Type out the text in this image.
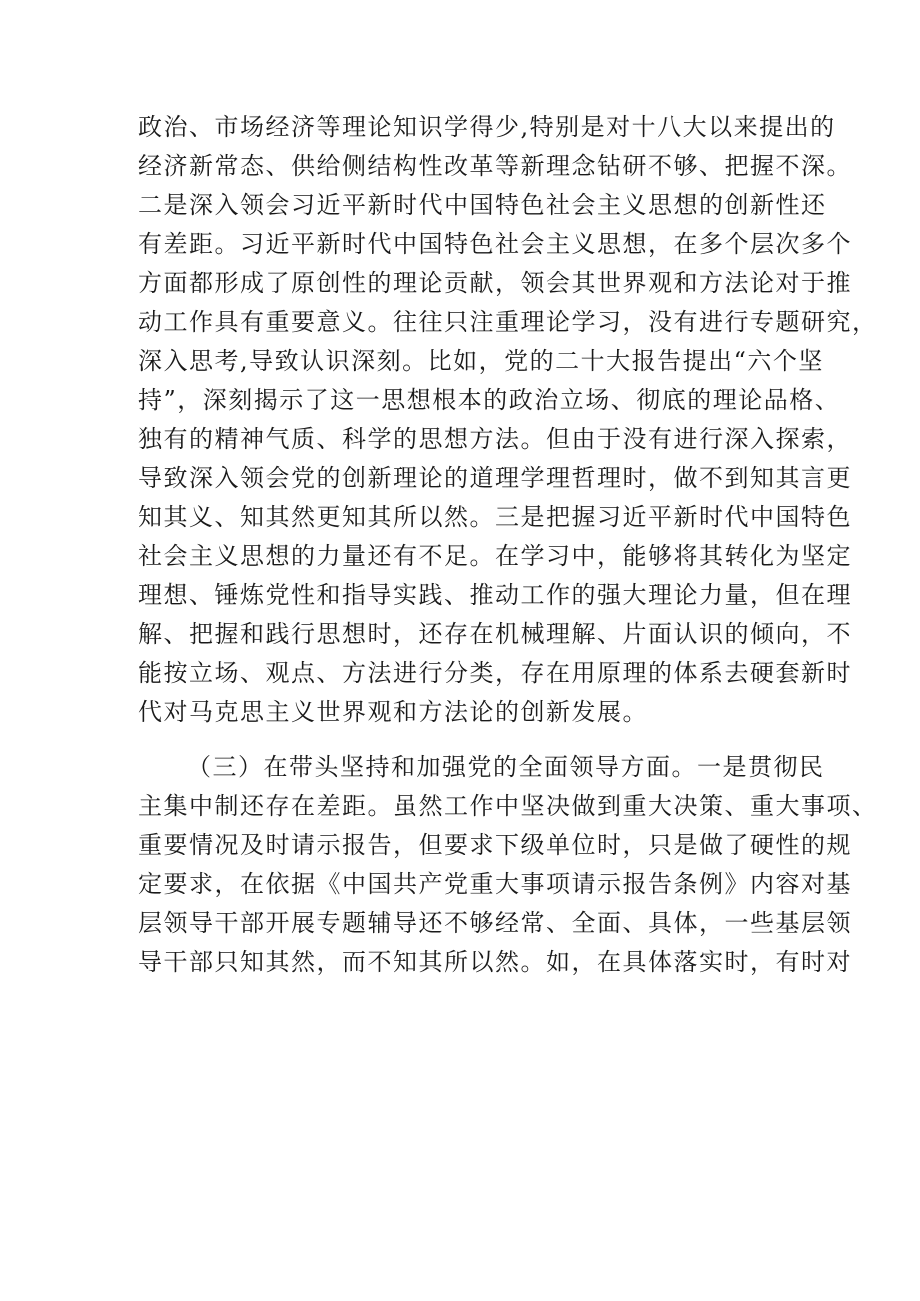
政治、市场经济等理论知识学得少,特别是对十八大以来提出的
经济新常态、供给侧结构性改革等新理念钻研不够、把握不深。
二是深入领会习近平新时代中国特色社会主义思想的创新性还
有差距。习近平新时代中国特色社会主义思想，在多个层次多个
方面都形成了原创性的理论贡献，领会其世界观和方法论对于推
动工作具有重要意义。往往只注重理论学习，没有进行专题研究，
深入思考,导致认识深刻。比如，党的二十大报告提出“六个坚
持”，深刻揭示了这一思想根本的政治立场、彻底的理论品格、
独有的精神气质、科学的思想方法。但由于没有进行深入探索，
导致深入领会党的创新理论的道理学理哲理时，做不到知其言更
知其义、知其然更知其所以然。三是把握习近平新时代中国特色
社会主义思想的力量还有不足。在学习中，能够将其转化为坚定
理想、锤炼党性和指导实践、推动工作的强大理论力量，但在理
解、把握和践行思想时，还存在机械理解、片面认识的倾向，不
能按立场、观点、方法进行分类，存在用原理的体系去硬套新时
代对马克思主义世界观和方法论的创新发展。
（三）在带头坚持和加强党的全面领导方面。一是贯彻民
主集中制还存在差距。虽然工作中坚决做到重大决策、重大事项、
重要情况及时请示报告，但要求下级单位时，只是做了硬性的规
定要求，在依据《中国共产党重大事项请示报告条例》内容对基
层领导干部开展专题辅导还不够经常、全面、具体，一些基层领
导干部只知其然，而不知其所以然。如，在具体落实时，有时对
